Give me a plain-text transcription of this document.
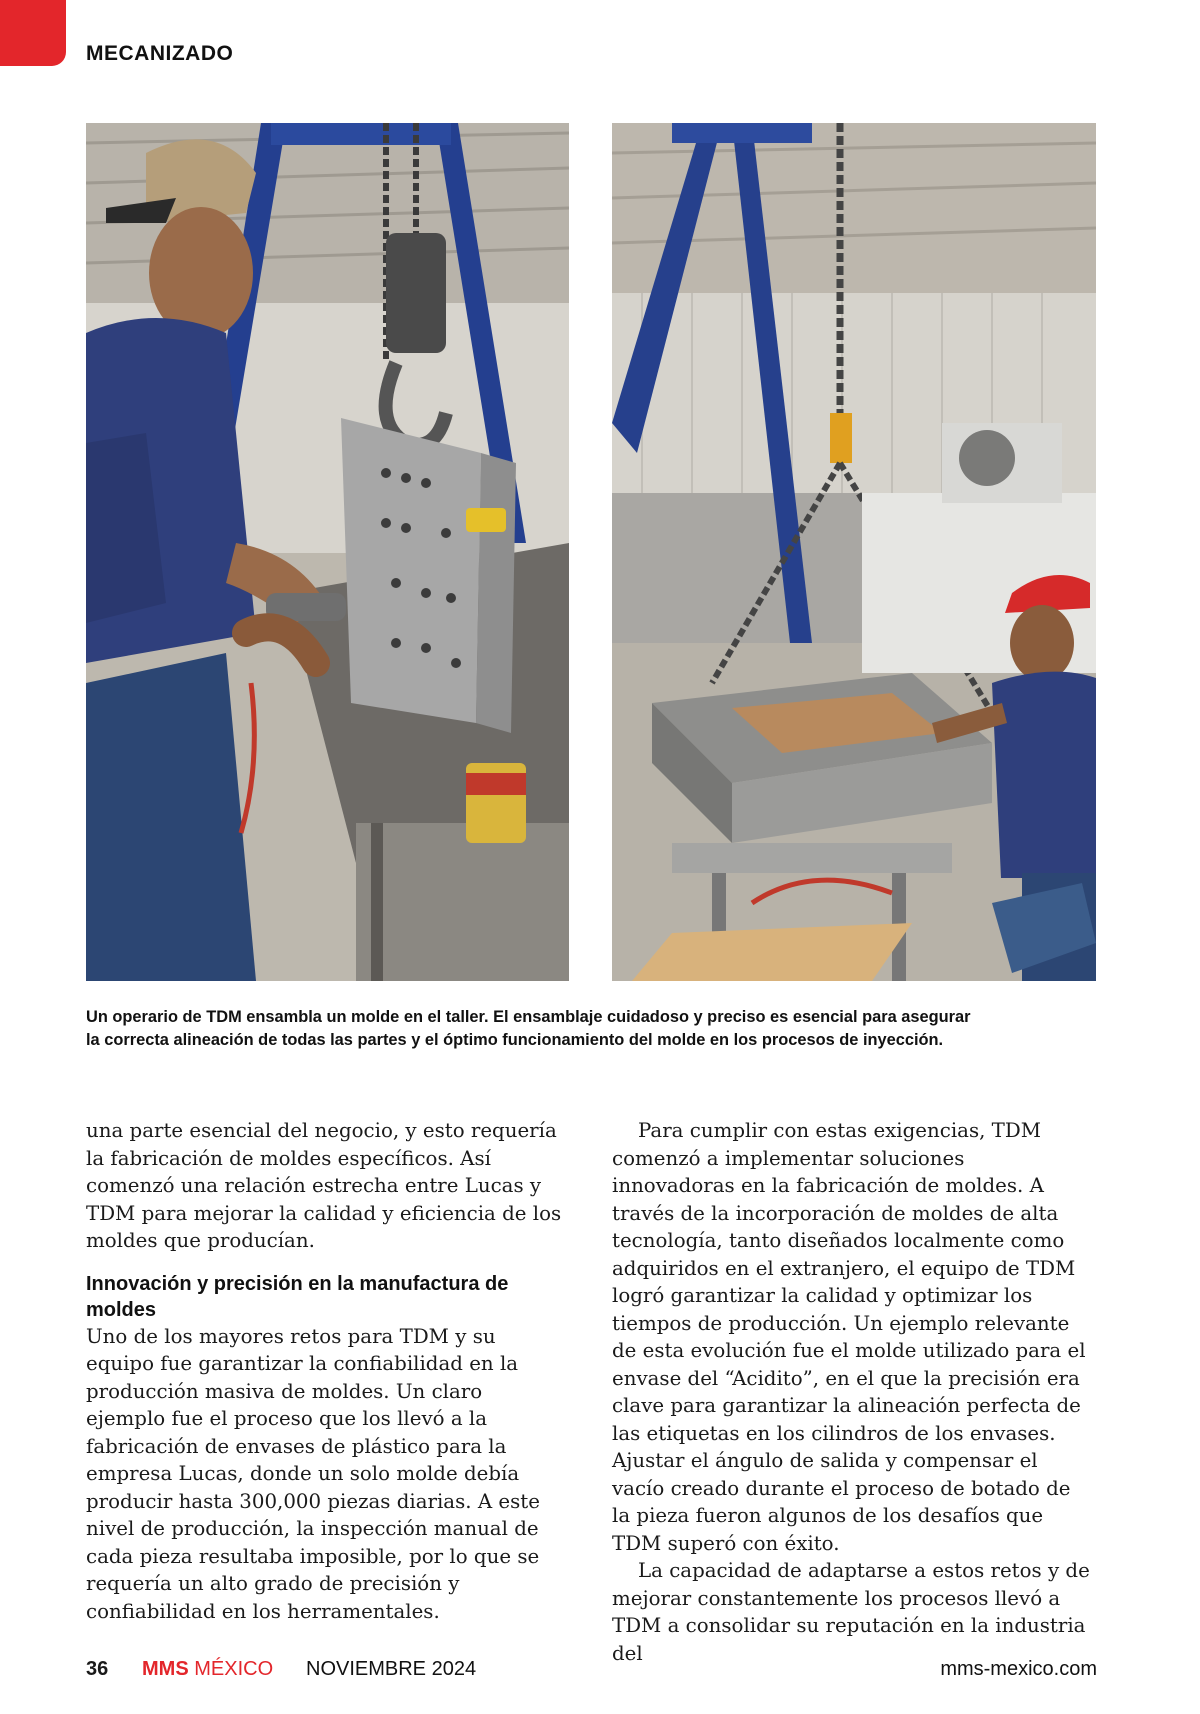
MECANIZADO

Un operario de TDM ensambla un molde en el taller. El ensamblaje cuidadoso y preciso es esencial para asegurar

la correcta alineación de todas las partes y el óptimo funcionamiento del molde en los procesos de inyección.

una parte esencial del negocio, y esto requería la fabricación de moldes específicos. Así comenzó una relación estrecha entre Lucas y TDM para mejorar la calidad y eficiencia de los moldes que producían.

Innovación y precisión en la manufactura de moldes

Uno de los mayores retos para TDM y su equipo fue garantizar la confiabilidad en la producción masiva de moldes. Un claro ejemplo fue el proceso que los llevó a la fabricación de envases de plástico para la empresa Lucas, donde un solo molde debía producir hasta 300,000 piezas diarias. A este nivel de producción, la inspección manual de cada pieza resultaba imposible, por lo que se requería un alto grado de precisión y confiabilidad en los herramentales.

Para cumplir con estas exigencias, TDM comenzó a implementar soluciones innovadoras en la fabricación de moldes. A través de la incorporación de moldes de alta tecnología, tanto diseñados localmente como adquiridos en el extranjero, el equipo de TDM logró garantizar la calidad y optimizar los tiempos de producción. Un ejemplo relevante de esta evolución fue el molde utilizado para el envase del “Acidito”, en el que la precisión era clave para garantizar la alineación perfecta de las etiquetas en los cilindros de los envases. Ajustar el ángulo de salida y compensar el vacío creado durante el proceso de botado de la pieza fueron algunos de los desafíos que TDM superó con éxito.

La capacidad de adaptarse a estos retos y de mejorar constantemente los procesos llevó a TDM a consolidar su reputación en la industria del

36 MMS MÉXICO NOVIEMBRE 2024	mms-mexico.com
